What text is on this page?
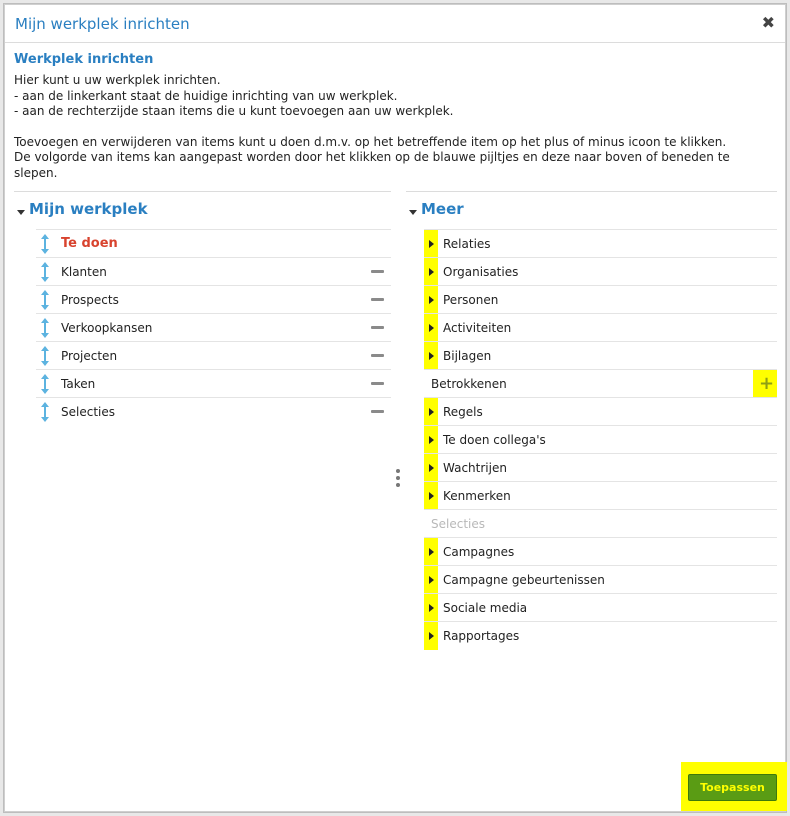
Mijn werkplek inrichten	✖
Werkplek inrichten

Hier kunt u uw werkplek inrichten.

- aan de linkerkant staat de huidige inrichting van uw werkplek.

- aan de rechterzijde staan items die u kunt toevoegen aan uw werkplek.

Toevoegen en verwijderen van items kunt u doen d.m.v. op het betreffende item op het plus of minus icoon te klikken.

De volgorde van items kan aangepast worden door het klikken op de blauwe pijltjes en deze naar boven of beneden te

slepen.

Mijn werkplek
Te doen
Klanten
Prospects
Verkoopkansen
Projecten
Taken
Selecties
Meer
Relaties
Organisaties
Personen
Activiteiten
Bijlagen
Betrokkenen	+
Regels
Te doen collega's
Wachtrijen
Kenmerken
Selecties
Campagnes
Campagne gebeurtenissen
Sociale media
Rapportages
Toepassen
